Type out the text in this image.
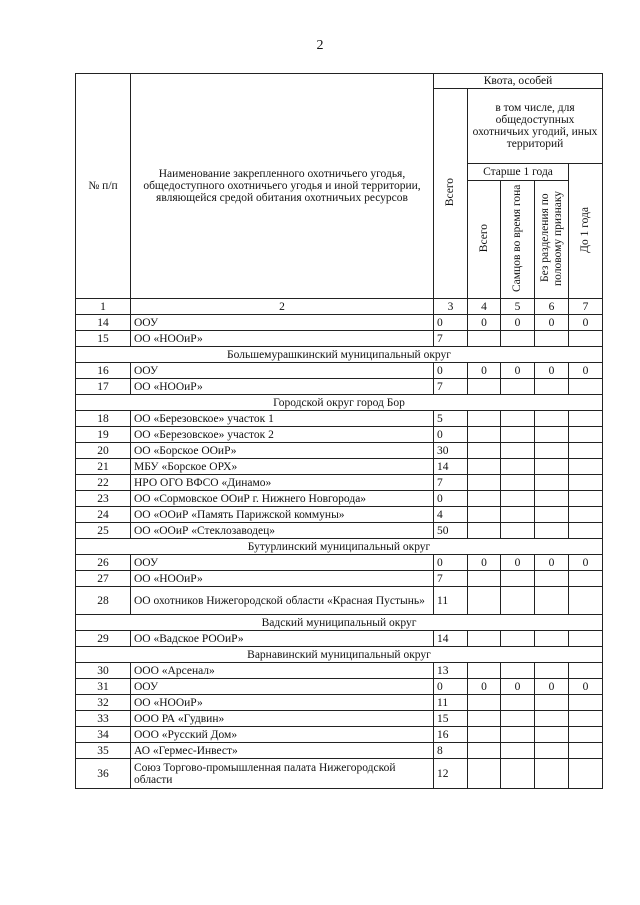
2
№ п/п	Наименование закрепленного охотничьего угодья, общедоступного охотничьего угодья и иной территории, являющейся средой обитания охотничьих ресурсов	Квота, особей				
		Всего	в том числе, для общедоступных охотничьих угодий, иных территорий			
			Старше 1 года			До 1 года
			Всего	Самцов во время гона	Без разделения по половому признаку	
1	2	3	4	5	6	7
14	ООУ	0	0	0	0	0
15	ОО «НООиР»	7				
Большемурашкинский муниципальный округ						
16	ООУ	0	0	0	0	0
17	ОО «НООиР»	7				
Городской округ город Бор						
18	ОО «Березовское» участок 1	5				
19	ОО «Березовское» участок 2	0				
20	ОО «Борское ООиР»	30				
21	МБУ «Борское ОРХ»	14				
22	НРО ОГО ВФСО «Динамо»	7				
23	ОО «Сормовское ООиР г. Нижнего Новгорода»	0				
24	ОО «ООиР «Память Парижской коммуны»	4				
25	ОО «ООиР «Стеклозаводец»	50				
Бутурлинский муниципальный округ						
26	ООУ	0	0	0	0	0
27	ОО «НООиР»	7				
28	ОО охотников Нижегородской области «Красная Пустынь»	11				
Вадский муниципальный округ						
29	ОО «Вадское РООиР»	14				
Варнавинский муниципальный округ						
30	ООО «Арсенал»	13				
31	ООУ	0	0	0	0	0
32	ОО «НООиР»	11				
33	ООО РА «Гудвин»	15				
34	ООО «Русский Дом»	16				
35	АО «Гермес-Инвест»	8				
36	Союз Торгово-промышленная палата Нижегородской области	12				
